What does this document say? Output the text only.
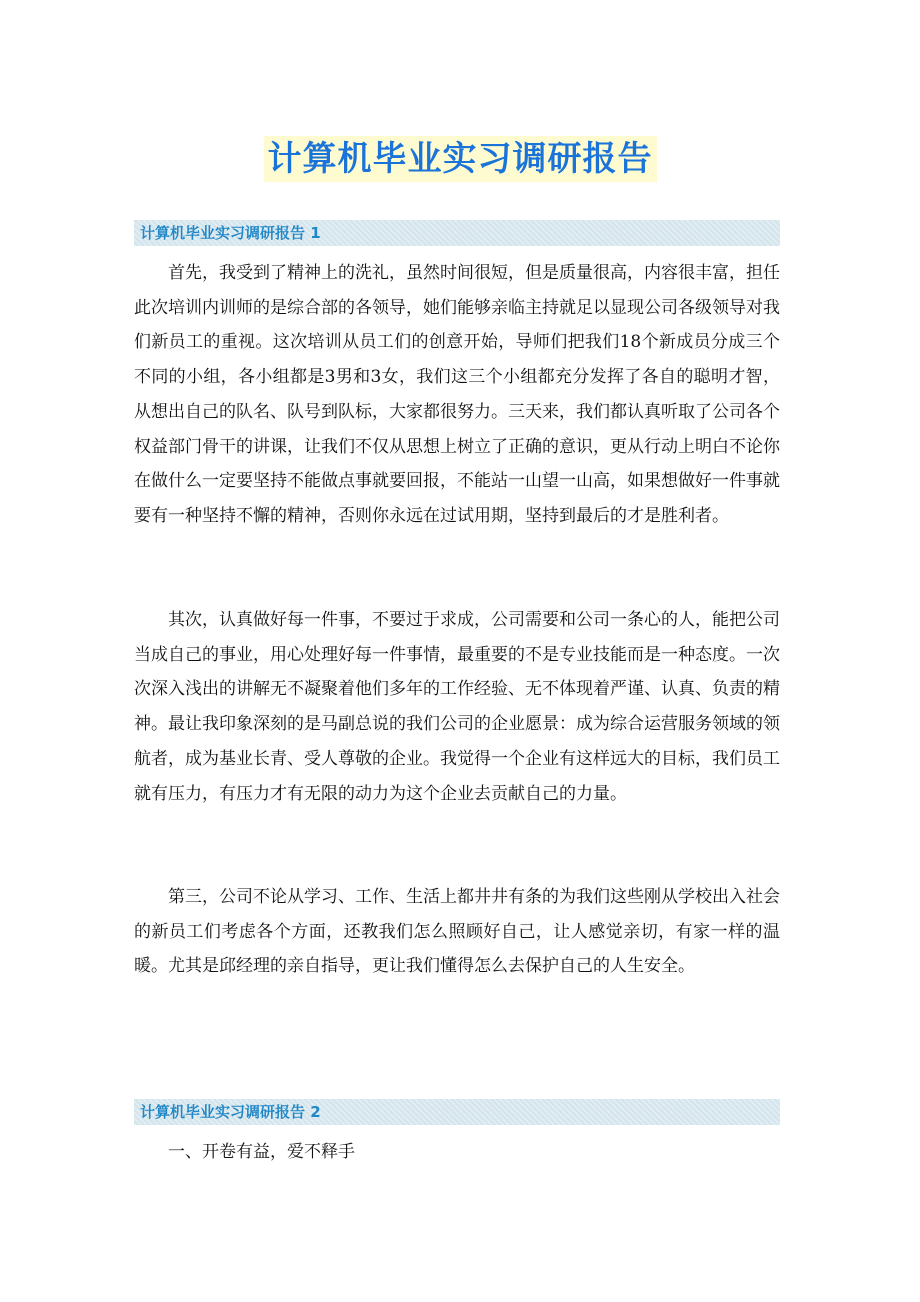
计算机毕业实习调研报告
计算机毕业实习调研报告 1

首先，我受到了精神上的洗礼，虽然时间很短，但是质量很高，内容很丰富，担任此次培训内训师的是综合部的各领导，她们能够亲临主持就足以显现公司各级领导对我们新员工的重视。这次培训从员工们的创意开始，导师们把我们18个新成员分成三个不同的小组，各小组都是3男和3女，我们这三个小组都充分发挥了各自的聪明才智，从想出自己的队名、队号到队标，大家都很努力。三天来，我们都认真听取了公司各个权益部门骨干的讲课，让我们不仅从思想上树立了正确的意识，更从行动上明白不论你在做什么一定要坚持不能做点事就要回报，不能站一山望一山高，如果想做好一件事就要有一种坚持不懈的精神，否则你永远在过试用期，坚持到最后的才是胜利者。

其次，认真做好每一件事，不要过于求成，公司需要和公司一条心的人，能把公司当成自己的事业，用心处理好每一件事情，最重要的不是专业技能而是一种态度。一次次深入浅出的讲解无不凝聚着他们多年的工作经验、无不体现着严谨、认真、负责的精神。最让我印象深刻的是马副总说的我们公司的企业愿景：成为综合运营服务领域的领航者，成为基业长青、受人尊敬的企业。我觉得一个企业有这样远大的目标，我们员工就有压力，有压力才有无限的动力为这个企业去贡献自己的力量。

第三，公司不论从学习、工作、生活上都井井有条的为我们这些刚从学校出入社会的新员工们考虑各个方面，还教我们怎么照顾好自己，让人感觉亲切，有家一样的温暖。尤其是邱经理的亲自指导，更让我们懂得怎么去保护自己的人生安全。

计算机毕业实习调研报告 2

一、开卷有益，爱不释手
